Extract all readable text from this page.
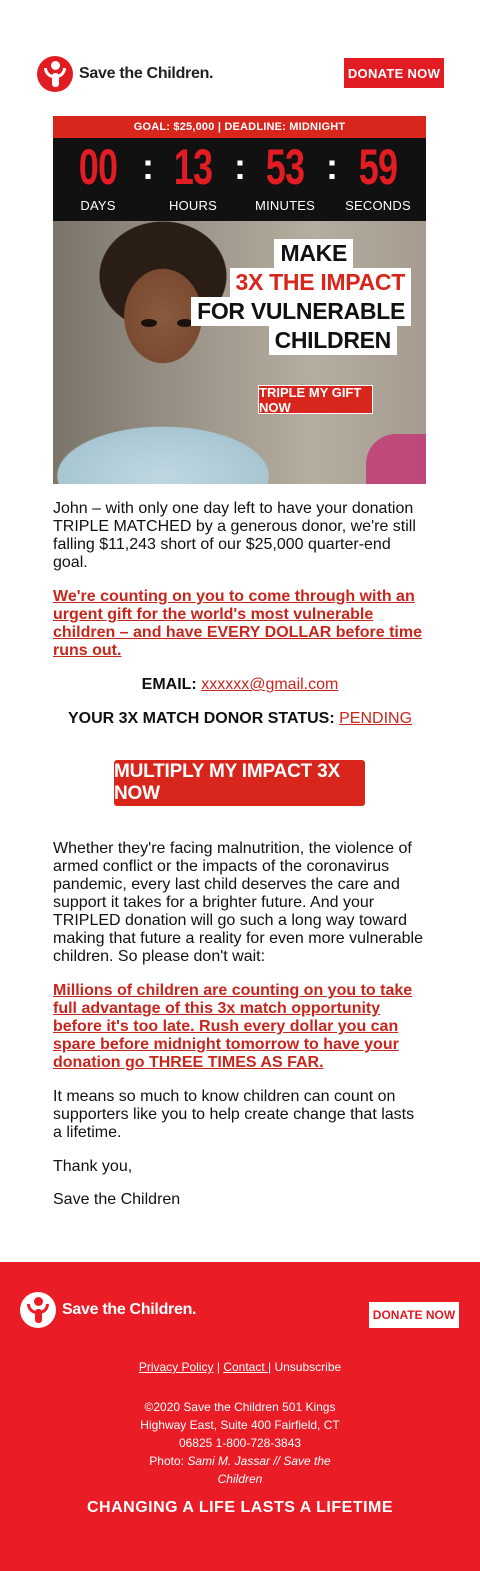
Save the Children.	DONATE NOW
GOAL: $25,000 | DEADLINE: MIDNIGHT
00
DAYS
: 13
HOURS
: 53
MINUTES
: 59
SECONDS
MAKE
3X THE IMPACT
FOR VULNERABLE
CHILDREN
TRIPLE MY GIFT NOW

John – with only one day left to have your donation TRIPLE MATCHED by a generous donor, we're still falling $11,243 short of our $25,000 quarter-end goal.

We're counting on you to come through with an urgent gift for the world's most vulnerable children – and have EVERY DOLLAR before time runs out.
EMAIL: xxxxxx@gmail.com
YOUR 3X MATCH DONOR STATUS: PENDING
MULTIPLY MY IMPACT 3X NOW

Whether they're facing malnutrition, the violence of armed conflict or the impacts of the coronavirus pandemic, every last child deserves the care and support it takes for a brighter future. And your TRIPLED donation will go such a long way toward making that future a reality for even more vulnerable children. So please don't wait:

Millions of children are counting on you to take full advantage of this 3x match opportunity before it's too late. Rush every dollar you can spare before midnight tomorrow to have your donation go THREE TIMES AS FAR.

It means so much to know children can count on supporters like you to help create change that lasts a lifetime.

Thank you,

Save the Children

Save the Children.	DONATE NOW
Privacy Policy | Contact | Unsubscribe
©2020 Save the Children 501 Kings Highway East, Suite 400 Fairfield, CT 06825 1-800-728-3843
Photo: Sami M. Jassar // Save the Children
CHANGING A LIFE LASTS A LIFETIME
